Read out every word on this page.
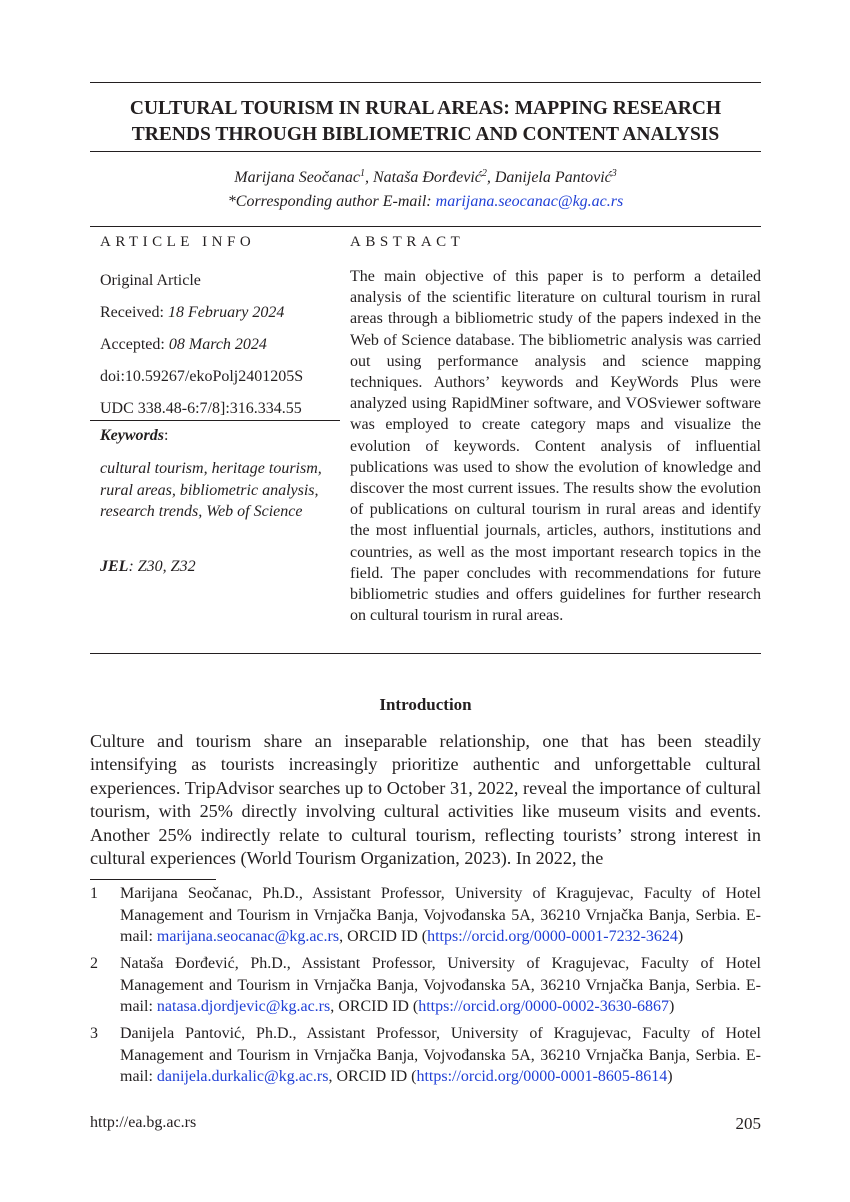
CULTURAL TOURISM IN RURAL AREAS: MAPPING RESEARCH
TRENDS THROUGH BIBLIOMETRIC AND CONTENT ANALYSIS
Marijana Seočanac$^1$, Nataša Đorđević$^2$, Danijela Pantović$^3$
*Corresponding author E-mail: marijana.seocanac@kg.ac.rs
ARTICLE INFO	ABSTRACT
Original Article
Received: 18 February 2024
Accepted: 08 March 2024
doi:10.59267/ekoPolj2401205S
UDC 338.48-6:7/8]:316.334.55
Keywords:
cultural tourism, heritage tourism, rural areas, bibliometric analysis, research trends, Web of Science
JEL: Z30, Z32
The main objective of this paper is to perform a detailed analysis of the scientific literature on cultural tourism in rural areas through a bibliometric study of the papers indexed in the Web of Science database. The bibliometric analysis was carried out using performance analysis and science mapping techniques. Authors’ keywords and KeyWords Plus were analyzed using RapidMiner software, and VOSviewer software was employed to create category maps and visualize the evolution of keywords. Content analysis of influential publications was used to show the evolution of knowledge and discover the most current issues. The results show the evolution of publications on cultural tourism in rural areas and identify the most influential journals, articles, authors, institutions and countries, as well as the most important research topics in the field. The paper concludes with recommendations for future bibliometric studies and offers guidelines for further research on cultural tourism in rural areas.
Introduction
Culture and tourism share an inseparable relationship, one that has been steadily intensifying as tourists increasingly prioritize authentic and unforgettable cultural experiences. TripAdvisor searches up to October 31, 2022, reveal the importance of cultural tourism, with 25% directly involving cultural activities like museum visits and events. Another 25% indirectly relate to cultural tourism, reflecting tourists’ strong interest in cultural experiences (World Tourism Organization, 2023). In 2022, the
1 Marijana Seočanac, Ph.D., Assistant Professor, University of Kragujevac, Faculty of Hotel Management and Tourism in Vrnjačka Banja, Vojvođanska 5A, 36210 Vrnjačka Banja, Serbia. E-mail: marijana.seocanac@kg.ac.rs, ORCID ID (https://orcid.org/0000-0001-7232-3624)
2 Nataša Đorđević, Ph.D., Assistant Professor, University of Kragujevac, Faculty of Hotel Management and Tourism in Vrnjačka Banja, Vojvođanska 5A, 36210 Vrnjačka Banja, Serbia. E-mail: natasa.djordjevic@kg.ac.rs, ORCID ID (https://orcid.org/0000-0002-3630-6867)
3 Danijela Pantović, Ph.D., Assistant Professor, University of Kragujevac, Faculty of Hotel Management and Tourism in Vrnjačka Banja, Vojvođanska 5A, 36210 Vrnjačka Banja, Serbia. E-mail: danijela.durkalic@kg.ac.rs, ORCID ID (https://orcid.org/0000-0001-8605-8614)
http://ea.bg.ac.rs	205
